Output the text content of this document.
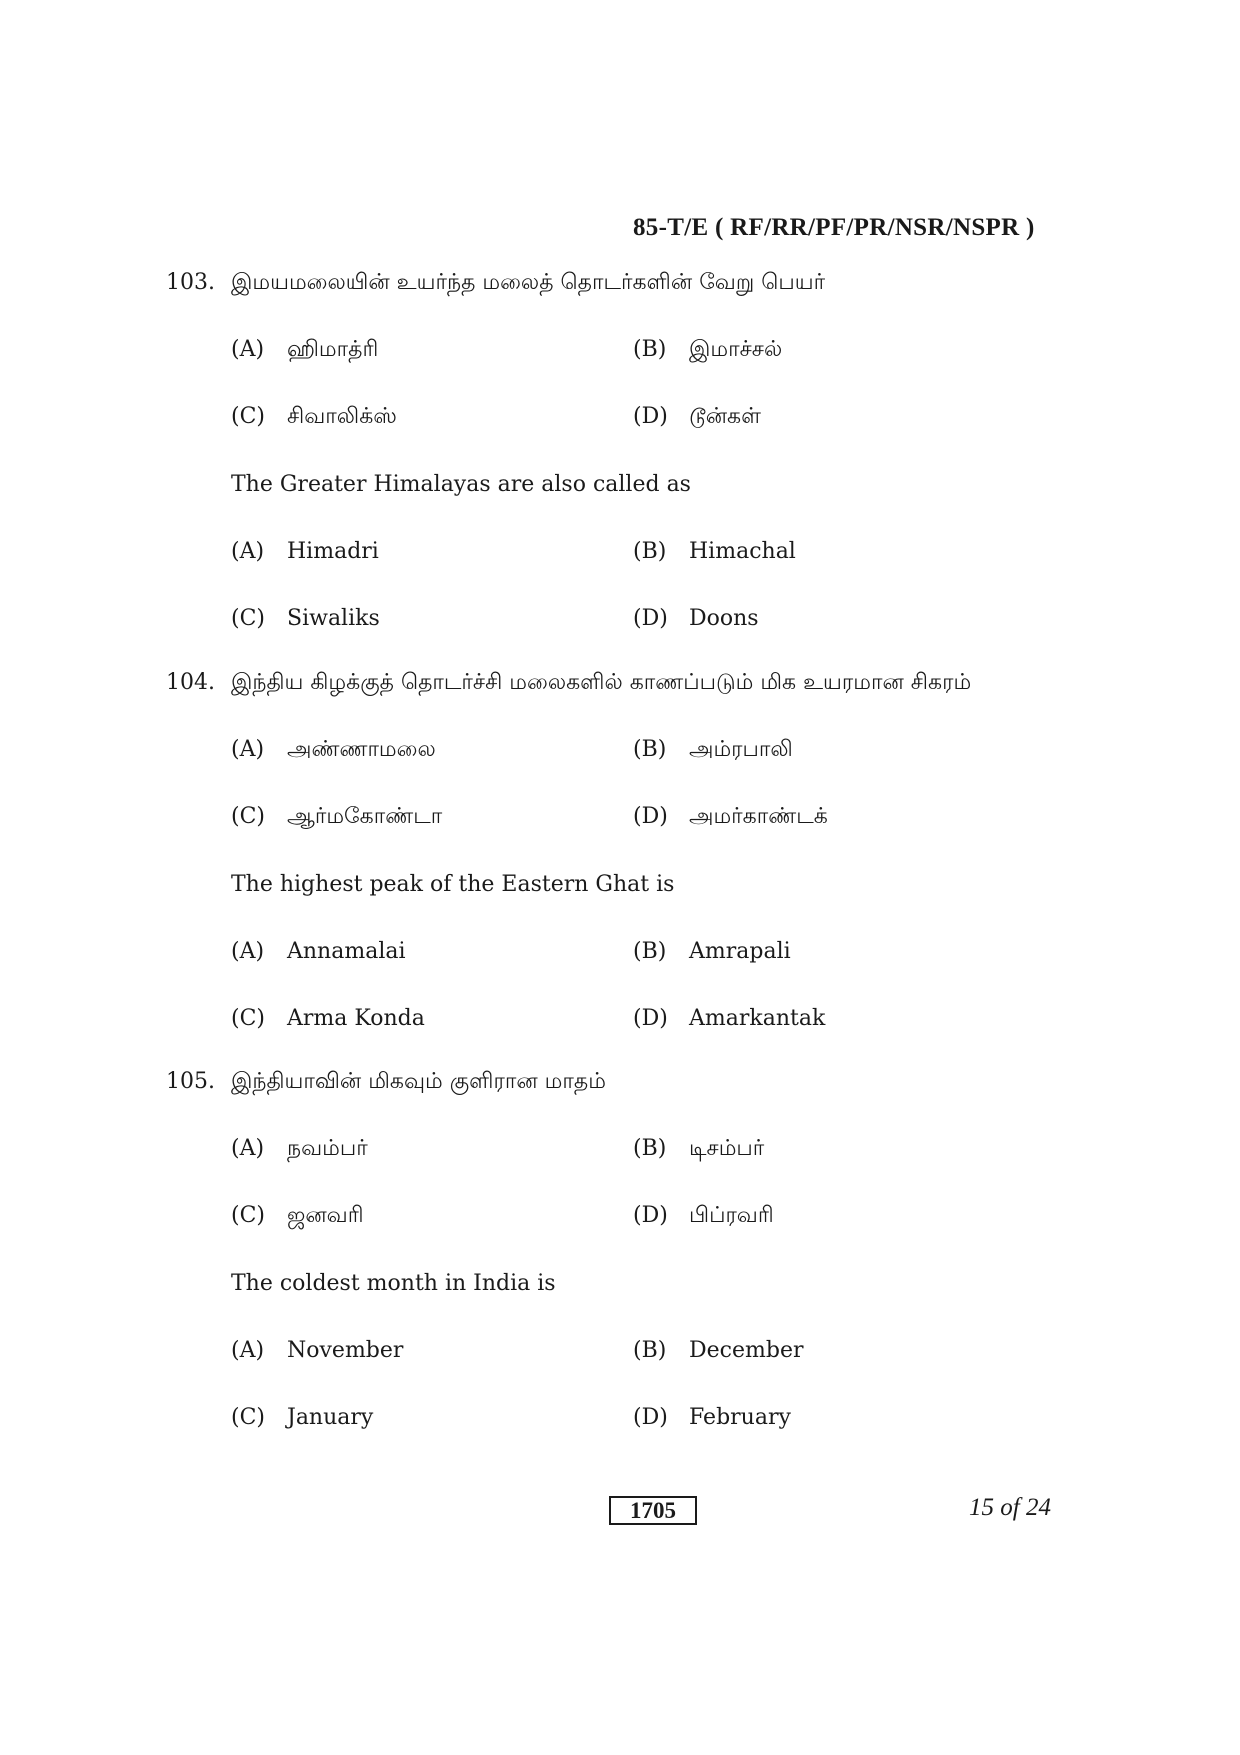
85-T/E ( RF/RR/PF/PR/NSR/NSPR )
103. இமயமலையின் உயர்ந்த மலைத் தொடர்களின் வேறு பெயர்
(A) ஹிமாத்ரி	(B) இமாச்சல்
(C) சிவாலிக்ஸ்	(D) டூன்கள்
The Greater Himalayas are also called as
(A) Himadri	(B) Himachal
(C) Siwaliks	(D) Doons
104. இந்திய கிழக்குத் தொடர்ச்சி மலைகளில் காணப்படும் மிக உயரமான சிகரம்
(A) அண்ணாமலை	(B) அம்ரபாலி
(C) ஆர்மகோண்டா	(D) அமர்காண்டக்
The highest peak of the Eastern Ghat is
(A) Annamalai	(B) Amrapali
(C) Arma Konda	(D) Amarkantak
105. இந்தியாவின் மிகவும் குளிரான மாதம்
(A) நவம்பர்	(B) டிசம்பர்
(C) ஜனவரி	(D) பிப்ரவரி
The coldest month in India is
(A) November	(B) December
(C) January	(D) February
1705	15 of 24
